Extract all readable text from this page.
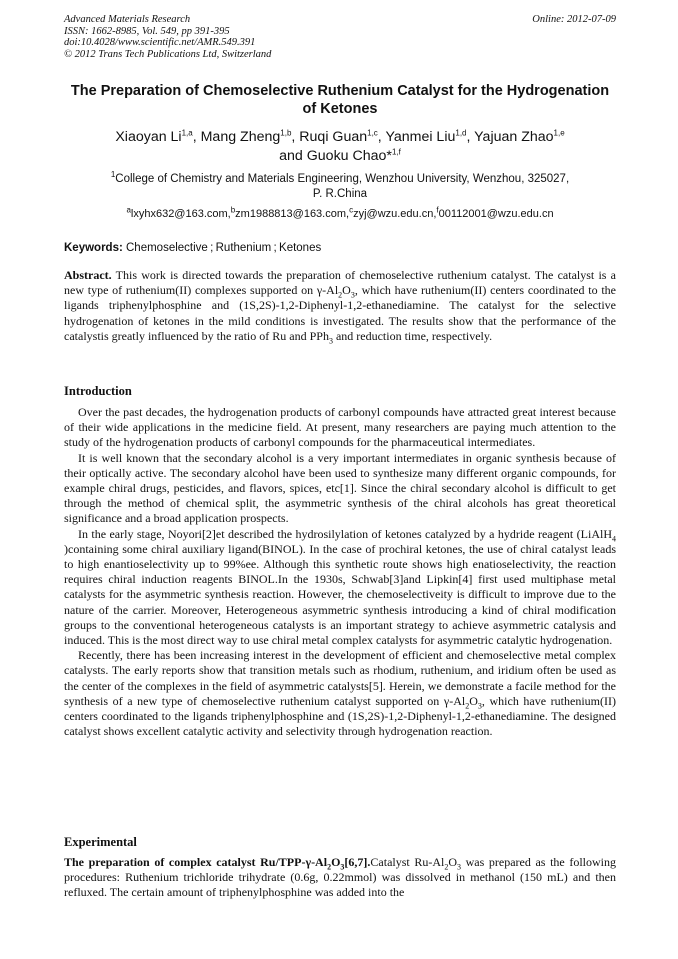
Advanced Materials Research
ISSN: 1662-8985, Vol. 549, pp 391-395
doi:10.4028/www.scientific.net/AMR.549.391
© 2012 Trans Tech Publications Ltd, Switzerland
Online: 2012-07-09
The Preparation of Chemoselective Ruthenium Catalyst for the Hydrogenation of Ketones
Xiaoyan Li$^{1,a}$, Mang Zheng$^{1,b}$, Ruqi Guan$^{1,c}$, Yanmei Liu$^{1,d}$, Yajuan Zhao$^{1,e}$
and Guoku Chao*$^{1,f}$
$^1$College of Chemistry and Materials Engineering, Wenzhou University, Wenzhou, 325027,
P. R.China
$^a$lxyhx632@163.com,$^b$zm1988813@163.com,$^c$zyj@wzu.edu.cn,$^f$00112001@wzu.edu.cn
Keywords: Chemoselective ; Ruthenium ; Ketones

Abstract. This work is directed towards the preparation of chemoselective ruthenium catalyst. The catalyst is a new type of ruthenium(II) complexes supported on $\gamma-Al_2O_3$, which have ruthenium(II) centers coordinated to the ligands triphenylphosphine and (1S,2S)-1,2-Diphenyl-1,2-ethanediamine. The catalyst for the selective hydrogenation of ketones in the mild conditions is investigated. The results show that the performance of the catalystis greatly influenced by the ratio of Ru and PPh$_3$ and reduction time, respectively.

Introduction

Over the past decades, the hydrogenation products of carbonyl compounds have attracted great interest because of their wide applications in the medicine field. At present, many researchers are paying much attention to the study of the hydrogenation products of carbonyl compounds for the pharmaceutical intermediates.

It is well known that the secondary alcohol is a very important intermediates in organic synthesis because of their optically active. The secondary alcohol have been used to synthesize many different organic compounds, for example chiral drugs, pesticides, and flavors, spices, etc[1]. Since the chiral secondary alcohol is difficult to get through the method of chemical split, the asymmetric synthesis of the chiral alcohols has great theoretical significance and a broad application prospects.

In the early stage, Noyori[2]et described the hydrosilylation of ketones catalyzed by a hydride reagent (LiAlH$_4$ )containing some chiral auxiliary ligand(BINOL). In the case of prochiral ketones, the use of chiral catalyst leads to high enantioselectivity up to 99%ee. Although this synthetic route shows high enatioselectivity, the reaction requires chiral induction reagents BINOL.In the 1930s, Schwab[3]and Lipkin[4] first used multiphase metal catalysts for the asymmetric synthesis reaction. However, the chemoselectiveity is difficult to improve due to the nature of the carrier. Moreover, Heterogeneous asymmetric synthesis introducing a kind of chiral modification groups to the conventional heterogeneous catalysts is an important strategy to achieve asymmetric catalysis and induced. This is the most direct way to use chiral metal complex catalysts for asymmetric catalytic hydrogenation.

Recently, there has been increasing interest in the development of efficient and chemoselective metal complex catalysts. The early reports show that transition metals such as rhodium, ruthenium, and iridium often be used as the center of the complexes in the field of asymmetric catalysts[5]. Herein, we demonstrate a facile method for the synthesis of a new type of chemoselective ruthenium catalyst supported on $\gamma-Al_2O_3$, which have ruthenium(II) centers coordinated to the ligands triphenylphosphine and (1S,2S)-1,2-Diphenyl-1,2-ethanediamine. The designed catalyst shows excellent catalytic activity and selectivity through hydrogenation reaction.

Experimental

The preparation of complex catalyst $Ru/TPP-\gamma-Al_2O_3[6,7].Catalyst$ $Ru-Al_2O_3$ was prepared as the following procedures: Ruthenium trichloride trihydrate (0.6g, 0.22mmol) was dissolved in methanol (150 mL) and then refluxed. The certain amount of triphenylphosphine was added into the
